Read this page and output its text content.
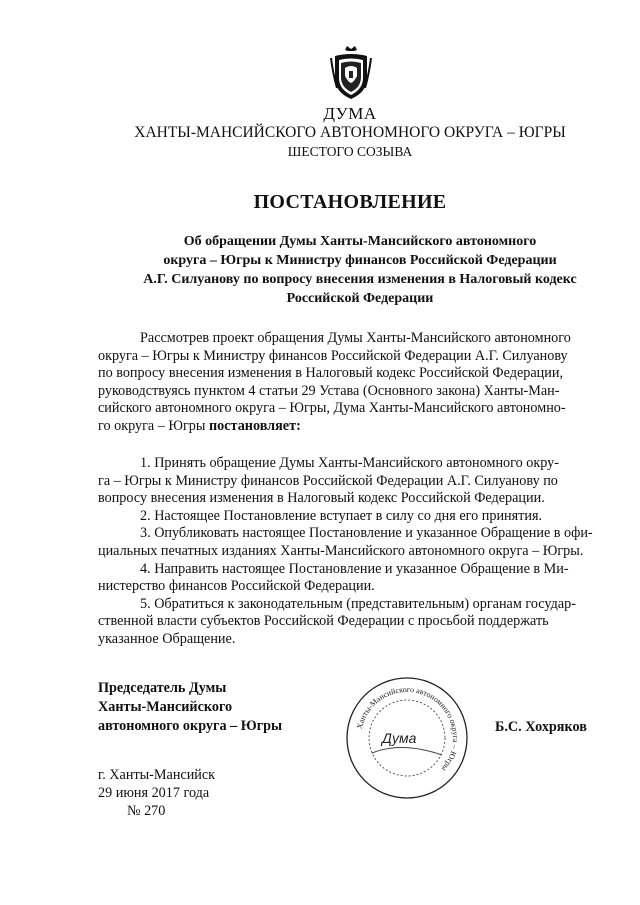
ДУМА
ХАНТЫ-МАНСИЙСКОГО АВТОНОМНОГО ОКРУГА – ЮГРЫ
ШЕСТОГО СОЗЫВА
ПОСТАНОВЛЕНИЕ
Об обращении Думы Ханты-Мансийского автономного
округа – Югры к Министру финансов Российской Федерации
А.Г. Силуанову по вопросу внесения изменения в Налоговый кодекс
Российской Федерации
Рассмотрев проект обращения Думы Ханты-Мансийского автономного
округа – Югры к Министру финансов Российской Федерации А.Г. Силуанову
по вопросу внесения изменения в Налоговый кодекс Российской Федерации,
руководствуясь пунктом 4 статьи 29 Устава (Основного закона) Ханты-Ман-
сийского автономного округа – Югры, Дума Ханты-Мансийского автономно-
го округа – Югры
постановляет:
1. Принять обращение Думы Ханты-Мансийского автономного окру-
га – Югры к Министру финансов Российской Федерации А.Г. Силуанову по
вопросу внесения изменения в Налоговый кодекс Российской Федерации.
2. Настоящее Постановление вступает в силу со дня его принятия.
3. Опубликовать настоящее Постановление и указанное Обращение в офи-
циальных печатных изданиях Ханты-Мансийского автономного округа – Югры.
4. Направить настоящее Постановление и указанное Обращение в Ми-
нистерство финансов Российской Федерации.
5. Обратиться к законодательным (представительным) органам государ-
ственной власти субъектов Российской Федерации с просьбой поддержать
указанное Обращение.
Председатель Думы
Ханты-Мансийского
автономного округа – Югры	Ханты-Мансийского автономного округа – Югры
Дума
Б.С. Хохряков
г. Ханты-Мансийск
29 июня 2017 года
№ 270
